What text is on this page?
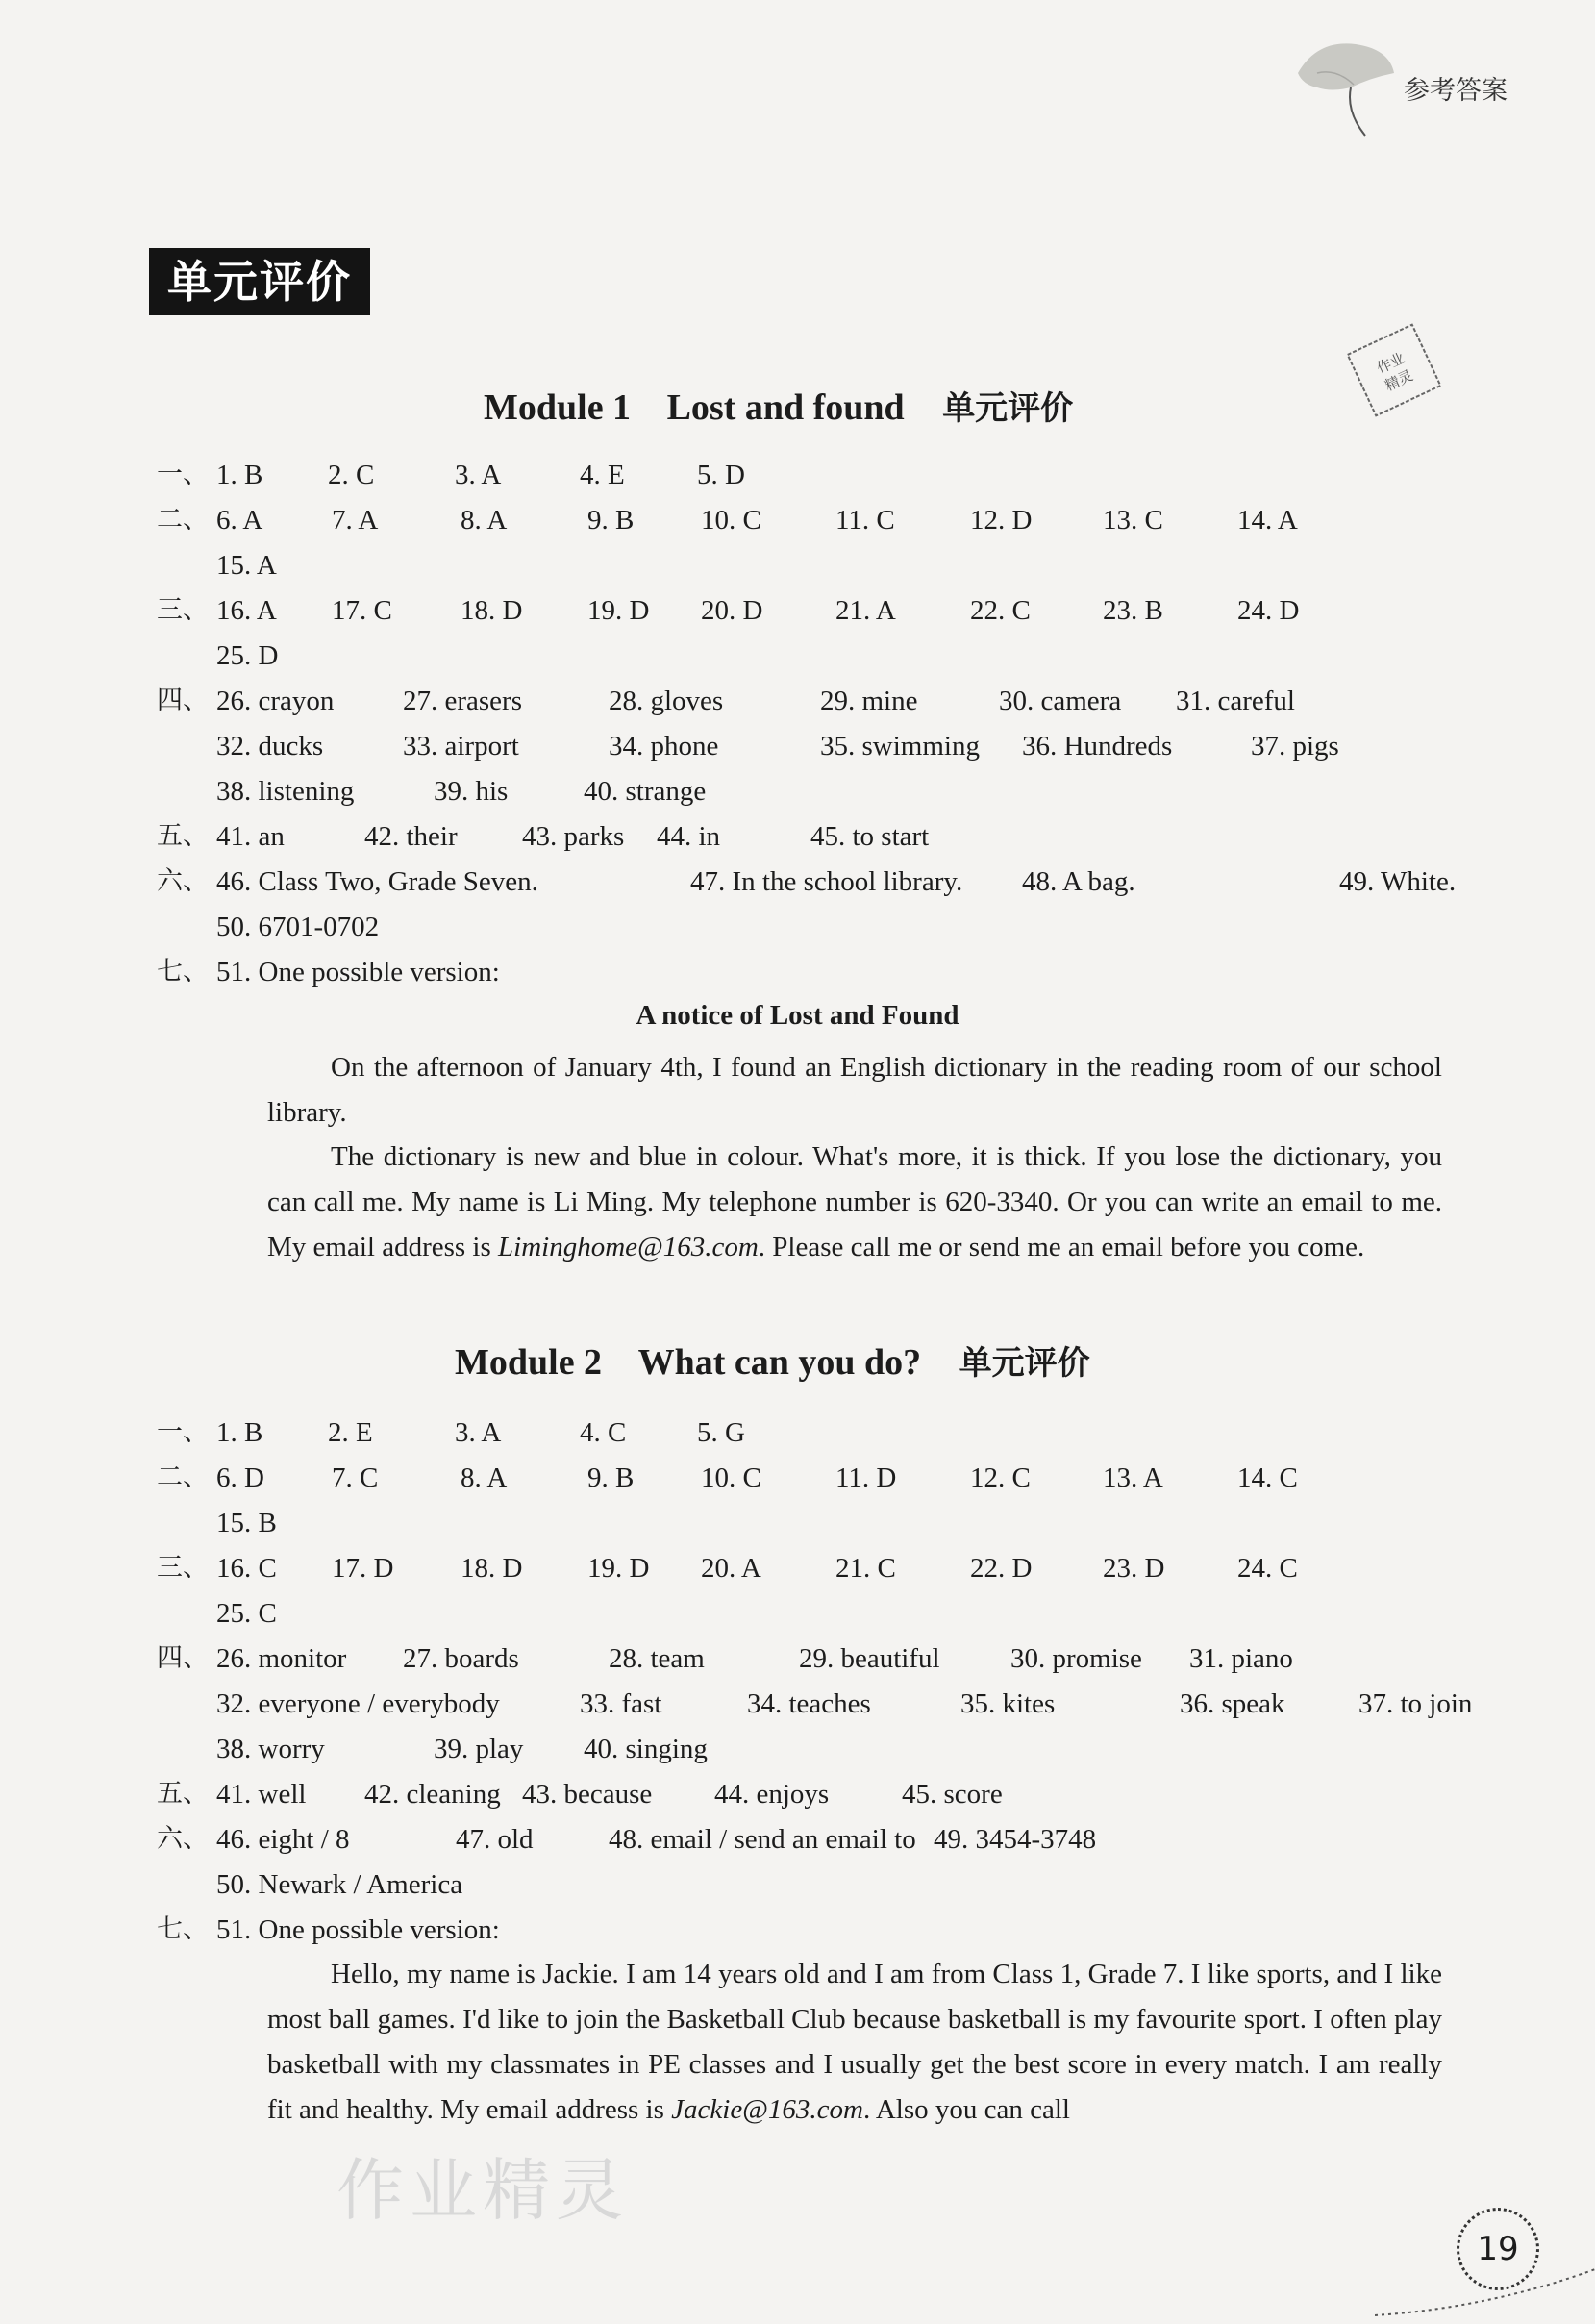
参考答案

单元评价
作业
精灵
Module 1 Lost and found 单元评价
一、 1. B 2. C	3. A	4. E	5. D
二、 6. A 7. A	8. A	9. B 10. C	11. C	12. D	13. C	14. A
15. A
三、 16. A 17. C 18. D 19. D 20. D	21. A	22. C	23. B	24. D
25. D
四、 26. crayon 27. erasers	28. gloves	29. mine	30. camera 31. careful
32. ducks	33. airport	34. phone	35. swimming 36. Hundreds	37. pigs
38. listening	39. his	40. strange
五、 41. an	42. their 43. parks 44. in	45. to start
六、 46. Class Two, Grade Seven.	47. In the school library. 48. A bag.	49. White.
50. 6701-0702
七、 51. One possible version:
A notice of Lost and Found
On the afternoon of January 4th, I found an English dictionary in the reading room of our school library.
The dictionary is new and blue in colour. What's more, it is thick. If you lose the dictionary, you can call me. My name is Li Ming. My telephone number is 620-3340. Or you can write an email to me. My email address is Liminghome@163.com. Please call me or send me an email before you come.
Module 2 What can you do? 单元评价
一、 1. B 2. E	3. A	4. C	5. G
二、 6. D 7. C	8. A	9. B 10. C	11. D	12. C	13. A	14. C
15. B
三、 16. C 17. D 18. D 19. D 20. A	21. C	22. D	23. D	24. C
25. C
四、 26. monitor 27. boards	28. team	29. beautiful	30. promise 31. piano
32. everyone / everybody	33. fast	34. teaches	35. kites	36. speak	37. to join
38. worry	39. play 40. singing
五、 41. well 42. cleaning 43. because 44. enjoys	45. score
六、 46. eight / 8	47. old	48. email / send an email to 49. 3454-3748
50. Newark / America
七、 51. One possible version:
Hello, my name is Jackie. I am 14 years old and I am from Class 1, Grade 7. I like sports, and I like most ball games. I'd like to join the Basketball Club because basketball is my favourite sport. I often play basketball with my classmates in PE classes and I usually get the best score in every match. I am really fit and healthy. My email address is Jackie@163.com. Also you can call
作业精灵
19
